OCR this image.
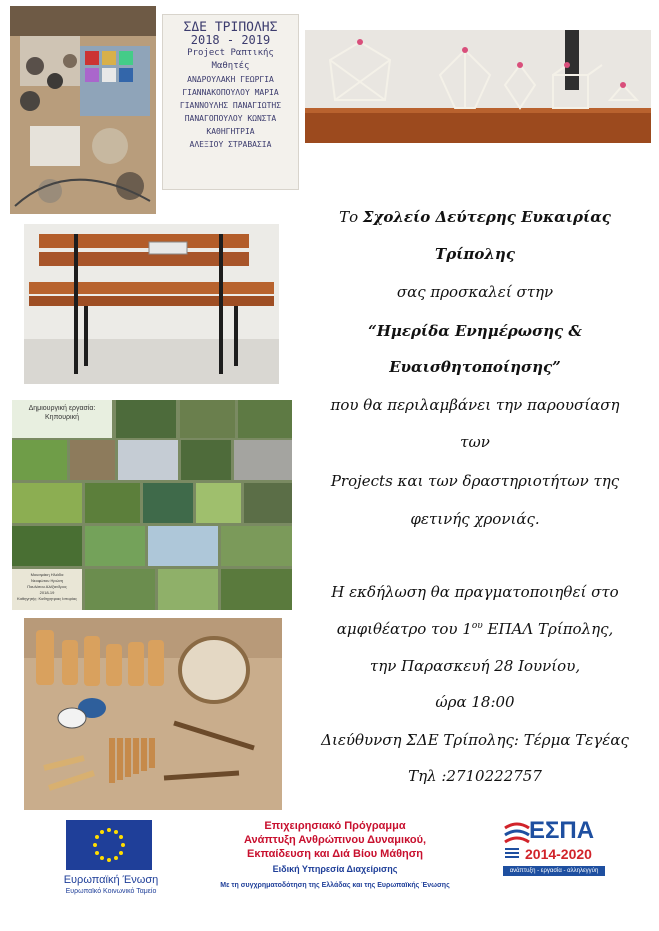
ΣΔΕ ΤΡΙΠΟΛΗΣ
2018 - 2019
Project Ραπτικής
Μαθητές
ΑΝΔΡΟΥΛΑΚΗ ΓΕΩΡΓΙΑ
ΓΙΑΝΝΑΚΟΠΟΥΛΟΥ ΜΑΡΙΑ
ΓΙΑΝΝΟΥΛΗΣ ΠΑΝΑΓΙΩΤΗΣ
ΠΑΝΑΓΟΠΟΥΛΟΥ ΚΩΝΣΤΑ
ΚΑΘΗΓΗΤΡΙΑ
ΑΛΕΞΙΟΥ ΣΤΡΑΒΑΣΙΑ
Δημιουργική εργασία:
Κηπουρική
Μουσμάκη Ηλιάδα
Νεοφώτου Ηρώνη
Παυλάτου Αλέξανδρος
2018-19
Καθηγητής: Καθηγητριας Ιστορίας
Το Σχολείο Δεύτερης Ευκαιρίας
Τρίπολης
σας προσκαλεί στην
“Ημερίδα Ενημέρωσης &
Ευαισθητοποίησης”
που θα περιλαμβάνει την παρουσίαση
των
Projects και των δραστηριοτήτων της
φετινής χρονιάς.
Η εκδήλωση θα πραγματοποιηθεί στο
αμφιθέατρο του $1^{o\upsilon}$ ΕΠΑΛ Τρίπολης,
την Παρασκευή 28 Ιουνίου,
ώρα 18:00
Διεύθυνση ΣΔΕ Τρίπολης: Τέρμα Τεγέας
Τηλ :2710222757
Ευρωπαϊκή Ένωση
Ευρωπαϊκό Κοινωνικό Ταμείο
Επιχειρησιακό Πρόγραμμα
Ανάπτυξη Ανθρώπινου Δυναμικού,
Εκπαίδευση και Διά Βίου Μάθηση
Ειδική Υπηρεσία Διαχείρισης
Με τη συγχρηματοδότηση της Ελλάδας και της Ευρωπαϊκής Ένωσης
ΕΣΠΑ
2014-2020
ανάπτυξη - εργασία - αλληλεγγύη
